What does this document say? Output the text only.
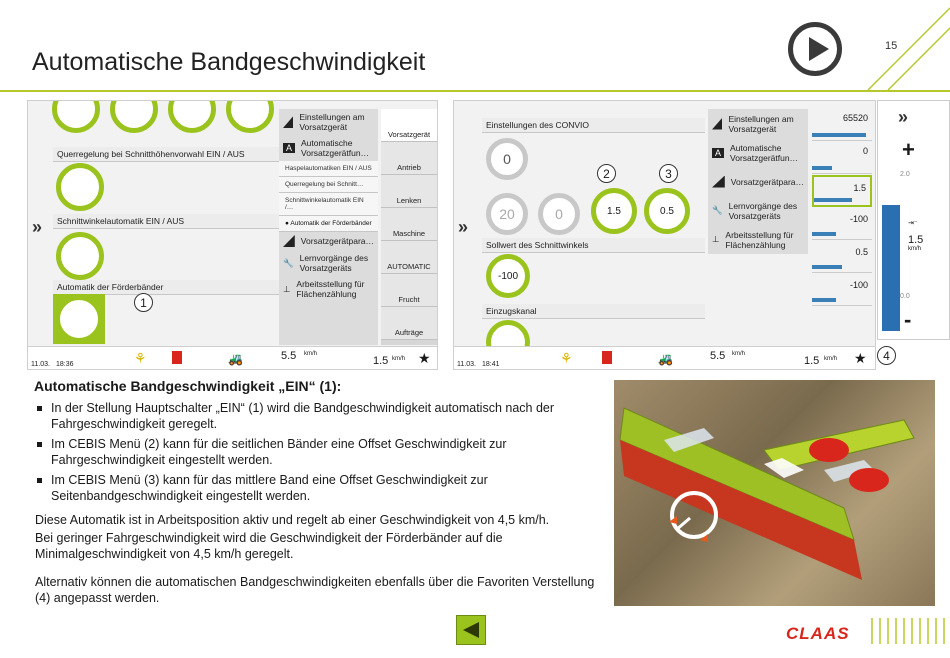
Automatische Bandgeschwindigkeit
15
Querregelung bei Schnitthöhenvorwahl EIN / AUS
Schnittwinkelautomatik EIN / AUS
Automatik der Förderbänder
1
»
Einstellungen am Vorsatzgerät
A	Automatische Vorsatzgerätfun…
Haspelautomatiken EIN / AUS
Querregelung bei Schnitt…
Schnittwinkelautomatik EIN /…
● Automatik der Förderbänder
Vorsatzgerätpara…
🔧 Lernvorgänge des Vorsatzgeräts
⊥ Arbeitsstellung für Flächenzählung
Vorsatzgerät
Antrieb
Lenken
Maschine
AUTOMATIC
Frucht
Aufträge
11.03. 18:36	⚘	🚜	5.5 km/h
1.5 km/h ★
»
Einstellungen des CONVIO
0
20	0	1.5	0.5
2	3
Sollwert des Schnittwinkels
-100
Einzugskanal
Einstellungen am Vorsatzgerät
A	Automatische Vorsatzgerätfun…
Vorsatzgerätpara…
🔧 Lernvorgänge des Vorsatzgeräts
⊥ Arbeitsstellung für Flächenzählung
65520
0
1.5
-100
0.5
-100
11.03. 18:41	⚘	🚜	5.5 km/h
1.5 km/h ★
»
+
2.0
⇥⁻
1.5
km/h
0.0
-
4
Automatische Bandgeschwindigkeit „EIN“ (1):
In der Stellung Hauptschalter „EIN“ (1) wird die Bandgeschwindigkeit automatisch nach der Fahrgeschwindigkeit geregelt.
Im CEBIS Menü (2) kann für die seitlichen Bänder eine Offset Geschwindigkeit zur Fahrgeschwindigkeit eingestellt werden.
Im CEBIS Menü (3) kann für das mittlere Band eine Offset Geschwindigkeit zur Seitenbandgeschwindigkeit eingestellt werden.
Diese Automatik ist in Arbeitsposition aktiv und regelt ab einer Geschwindigkeit von 4,5 km/h.
Bei geringer Fahrgeschwindigkeit wird die Geschwindigkeit der Förderbänder auf die Minimalgeschwindigkeit von 4,5 km/h geregelt.
Alternativ können die automatischen Bandgeschwindigkeiten ebenfalls über die Favoriten Verstellung (4) angepasst werden.
CLAAS
